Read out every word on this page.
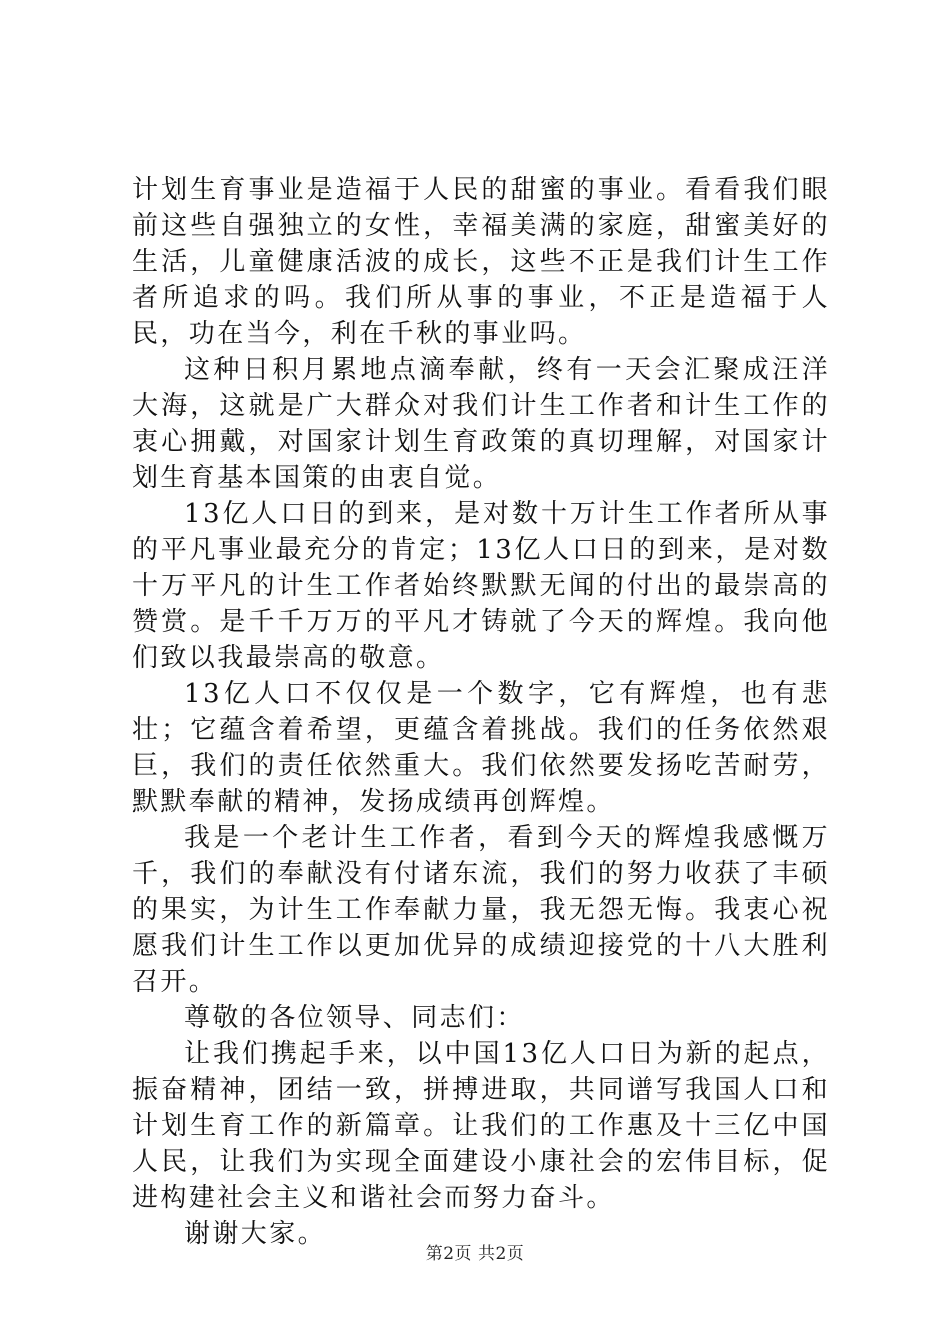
计划生育事业是造福于人民的甜蜜的事业。看看我们眼前这些自强独立的女性，幸福美满的家庭，甜蜜美好的生活，儿童健康活波的成长，这些不正是我们计生工作者所追求的吗。我们所从事的事业，不正是造福于人民，功在当今，利在千秋的事业吗。

这种日积月累地点滴奉献，终有一天会汇聚成汪洋大海，这就是广大群众对我们计生工作者和计生工作的衷心拥戴，对国家计划生育政策的真切理解，对国家计划生育基本国策的由衷自觉。

13亿人口日的到来，是对数十万计生工作者所从事的平凡事业最充分的肯定；13亿人口日的到来，是对数十万平凡的计生工作者始终默默无闻的付出的最崇高的赞赏。是千千万万的平凡才铸就了今天的辉煌。我向他们致以我最崇高的敬意。

13亿人口不仅仅是一个数字，它有辉煌，也有悲壮；它蕴含着希望，更蕴含着挑战。我们的任务依然艰巨，我们的责任依然重大。我们依然要发扬吃苦耐劳，默默奉献的精神，发扬成绩再创辉煌。

我是一个老计生工作者，看到今天的辉煌我感慨万千，我们的奉献没有付诸东流，我们的努力收获了丰硕的果实，为计生工作奉献力量，我无怨无悔。我衷心祝愿我们计生工作以更加优异的成绩迎接党的十八大胜利召开。

尊敬的各位领导、同志们：

让我们携起手来，以中国13亿人口日为新的起点，振奋精神，团结一致，拼搏进取，共同谱写我国人口和计划生育工作的新篇章。让我们的工作惠及十三亿中国人民，让我们为实现全面建设小康社会的宏伟目标，促进构建社会主义和谐社会而努力奋斗。

谢谢大家。

第2页 共2页
